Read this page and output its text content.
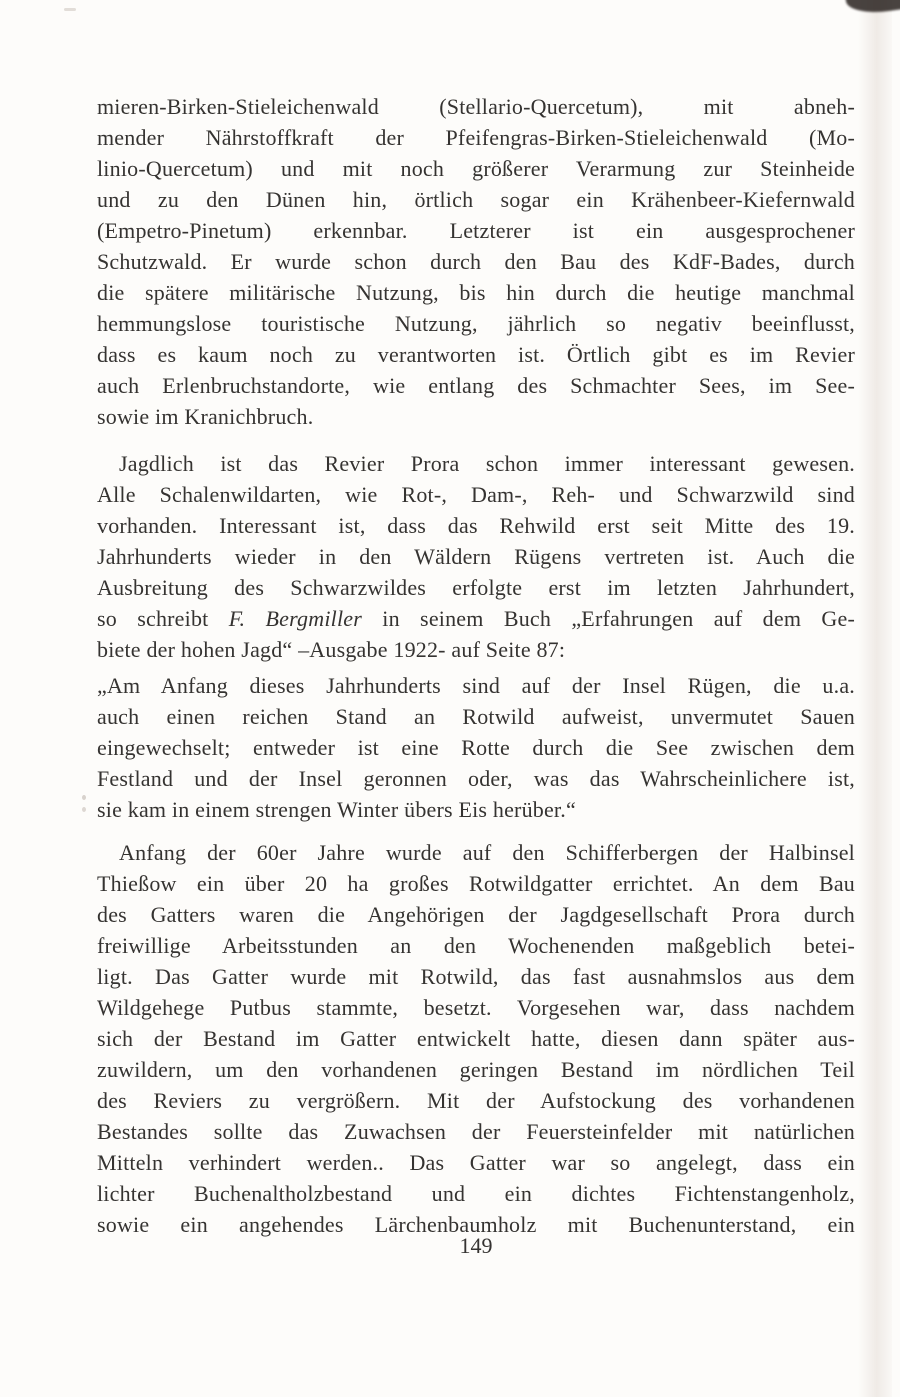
mieren-Birken-Stieleichenwald (Stellario-Quercetum), mit abneh-
mender Nährstoffkraft der Pfeifengras-Birken-Stieleichenwald (Mo-
linio-Quercetum) und mit noch größerer Verarmung zur Steinheide
und zu den Dünen hin, örtlich sogar ein Krähenbeer-Kiefernwald
(Empetro-Pinetum) erkennbar. Letzterer ist ein ausgesprochener
Schutzwald. Er wurde schon durch den Bau des KdF-Bades, durch
die spätere militärische Nutzung, bis hin durch die heutige manchmal
hemmungslose touristische Nutzung, jährlich so negativ beeinflusst,
dass es kaum noch zu verantworten ist. Örtlich gibt es im Revier
auch Erlenbruchstandorte, wie entlang des Schmachter Sees, im See-
sowie im Kranichbruch.
Jagdlich ist das Revier Prora schon immer interessant gewesen.
Alle Schalenwildarten, wie Rot-, Dam-, Reh- und Schwarzwild sind
vorhanden. Interessant ist, dass das Rehwild erst seit Mitte des 19.
Jahrhunderts wieder in den Wäldern Rügens vertreten ist. Auch die
Ausbreitung des Schwarzwildes erfolgte erst im letzten Jahrhundert,
so schreibt F. Bergmiller in seinem Buch „Erfahrungen auf dem Ge-
biete der hohen Jagd“ –Ausgabe 1922- auf Seite 87:
„Am Anfang dieses Jahrhunderts sind auf der Insel Rügen, die u.a.
auch einen reichen Stand an Rotwild aufweist, unvermutet Sauen
eingewechselt; entweder ist eine Rotte durch die See zwischen dem
Festland und der Insel geronnen oder, was das Wahrscheinlichere ist,
sie kam in einem strengen Winter übers Eis herüber.“
Anfang der 60er Jahre wurde auf den Schifferbergen der Halbinsel
Thießow ein über 20 ha großes Rotwildgatter errichtet. An dem Bau
des Gatters waren die Angehörigen der Jagdgesellschaft Prora durch
freiwillige Arbeitsstunden an den Wochenenden maßgeblich betei-
ligt. Das Gatter wurde mit Rotwild, das fast ausnahmslos aus dem
Wildgehege Putbus stammte, besetzt. Vorgesehen war, dass nachdem
sich der Bestand im Gatter entwickelt hatte, diesen dann später aus-
zuwildern, um den vorhandenen geringen Bestand im nördlichen Teil
des Reviers zu vergrößern. Mit der Aufstockung des vorhandenen
Bestandes sollte das Zuwachsen der Feuersteinfelder mit natürlichen
Mitteln verhindert werden.. Das Gatter war so angelegt, dass ein
lichter Buchenaltholzbestand und ein dichtes Fichtenstangenholz,
sowie ein angehendes Lärchenbaumholz mit Buchenunterstand, ein
149
